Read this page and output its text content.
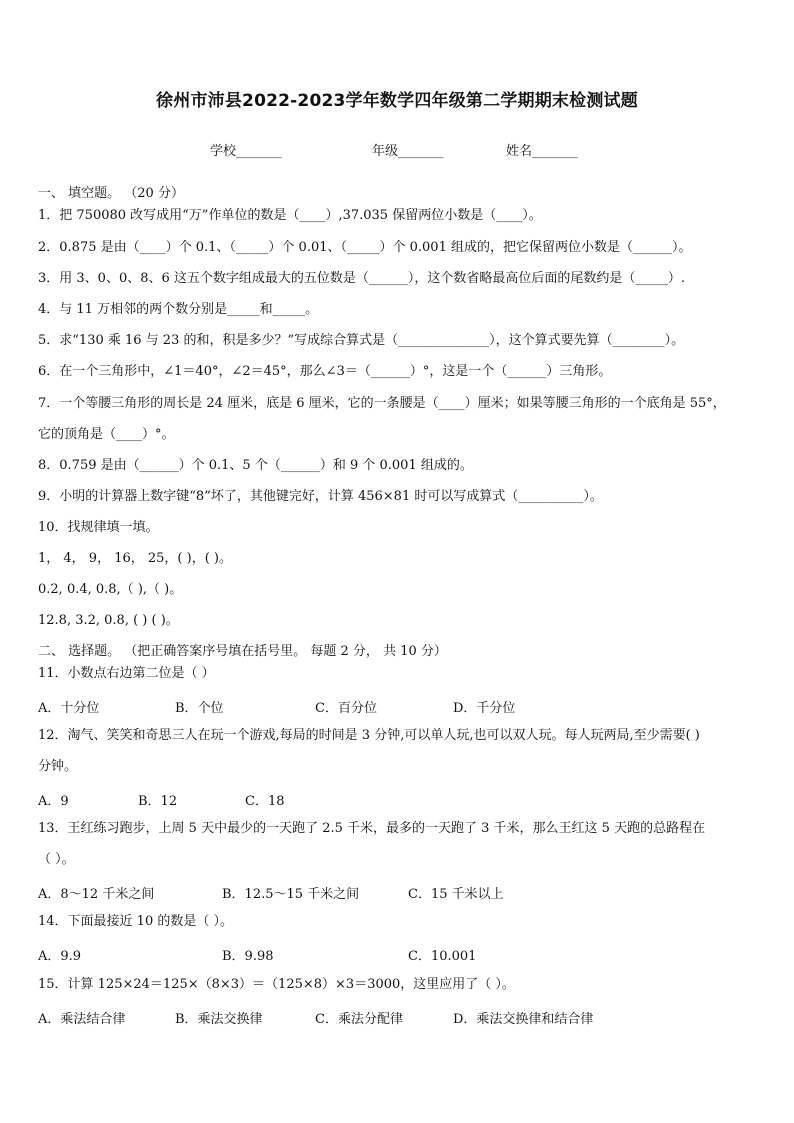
徐州市沛县2022-2023学年数学四年级第二学期期末检测试题
学校_______	年级_______	姓名_______
一、 填空题。 （20 分）
1．把 750080 改写成用“万”作单位的数是（____）,37.035 保留两位小数是（____）。
2．0.875 是由（____）个 0.1、（_____）个 0.01、（_____）个 0.001 组成的，把它保留两位小数是（______）。
3．用 3、0、0、8、6 这五个数字组成最大的五位数是（______），这个数省略最高位后面的尾数约是（_____）.
4．与 11 万相邻的两个数分别是_____和_____。
5．求“130 乘 16 与 23 的和，积是多少？”写成综合算式是（______________），这个算式要先算（________）。
6．在一个三角形中，∠1＝40°，∠2＝45°，那么∠3＝（______）°，这是一个（______）三角形。
7．一个等腰三角形的周长是 24 厘米，底是 6 厘米，它的一条腰是（____）厘米；如果等腰三角形的一个底角是 55°，
它的顶角是（____）°。
8．0.759 是由（______）个 0.1、5 个（______）和 9 个 0.001 组成的。
9．小明的计算器上数字键“8”坏了，其他键完好，计算 456×81 时可以写成算式（__________）。
10．找规律填一填。
1， 4， 9， 16， 25，( )，( )。
0.2, 0.4, 0.8,（ ),（ )。
12.8, 3.2, 0.8, ( ) ( )。
二、 选择题。 （把正确答案序号填在括号里。 每题 2 分， 共 10 分）
11．小数点右边第二位是（ ）
A．十分位	B．个位	C．百分位	D．千分位
12．淘气、笑笑和奇思三人在玩一个游戏,每局的时间是 3 分钟,可以单人玩,也可以双人玩。每人玩两局,至少需要( )
分钟。
A．9	B．12	C．18
13．王红练习跑步，上周 5 天中最少的一天跑了 2.5 千米，最多的一天跑了 3 千米，那么王红这 5 天跑的总路程在
（ ）。
A．8～12 千米之间	B．12.5～15 千米之间	C．15 千米以上
14．下面最接近 10 的数是（ ）。
A．9.9	B．9.98	C．10.001
15．计算 125×24＝125×（8×3）＝（125×8）×3＝3000，这里应用了（ ）。
A．乘法结合律	B．乘法交换律	C．乘法分配律	D．乘法交换律和结合律
